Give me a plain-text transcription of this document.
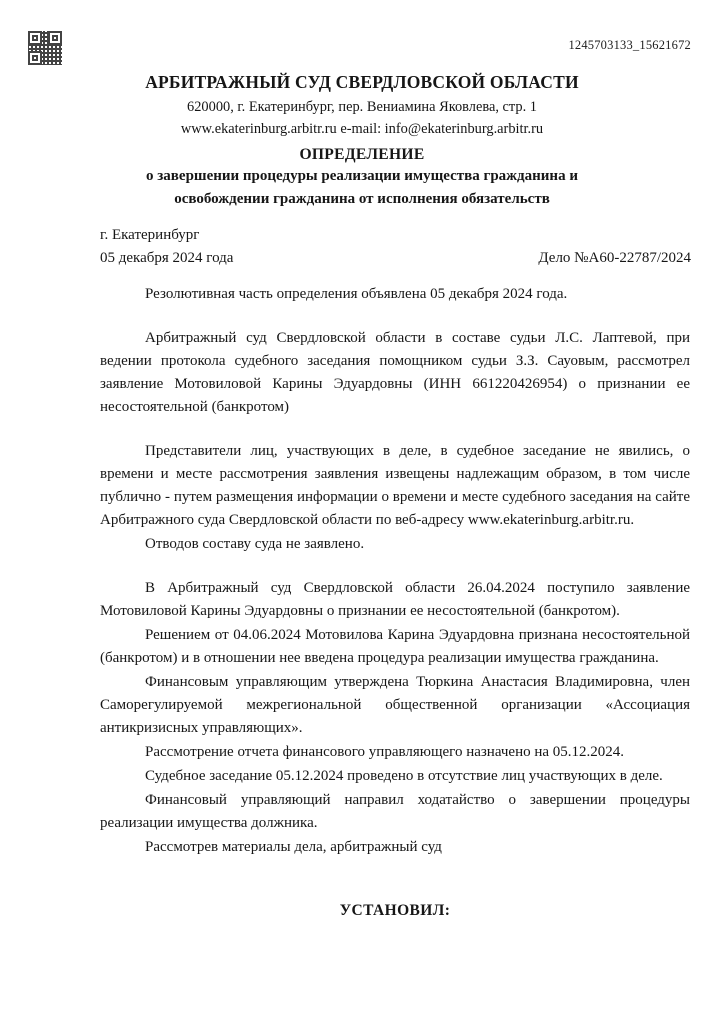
1245703133_15621672
АРБИТРАЖНЫЙ СУД СВЕРДЛОВСКОЙ ОБЛАСТИ
620000, г. Екатеринбург, пер. Вениамина Яковлева, стр. 1
www.ekaterinburg.arbitr.ru e-mail: info@ekaterinburg.arbitr.ru
ОПРЕДЕЛЕНИЕ
о завершении процедуры реализации имущества гражданина и
освобождении гражданина от исполнения обязательств
г. Екатеринбург
05 декабря 2024 года	Дело №А60-22787/2024

Резолютивная часть определения объявлена 05 декабря 2024 года.

Арбитражный суд Свердловской области в составе судьи Л.С. Лаптевой, при ведении протокола судебного заседания помощником судьи З.З. Сауовым, рассмотрел заявление Мотовиловой Карины Эдуардовны (ИНН 661220426954) о признании ее несостоятельной (банкротом)

Представители лиц, участвующих в деле, в судебное заседание не явились, о времени и месте рассмотрения заявления извещены надлежащим образом, в том числе публично - путем размещения информации о времени и месте судебного заседания на сайте Арбитражного суда Свердловской области по веб-адресу www.ekaterinburg.arbitr.ru.

Отводов составу суда не заявлено.

В Арбитражный суд Свердловской области 26.04.2024 поступило заявление Мотовиловой Карины Эдуардовны о признании ее несостоятельной (банкротом).

Решением от 04.06.2024 Мотовилова Карина Эдуардовна признана несостоятельной (банкротом) и в отношении нее введена процедура реализации имущества гражданина.

Финансовым управляющим утверждена Тюркина Анастасия Владимировна, член Саморегулируемой межрегиональной общественной организации «Ассоциация антикризисных управляющих».

Рассмотрение отчета финансового управляющего назначено на 05.12.2024.

Судебное заседание 05.12.2024 проведено в отсутствие лиц участвующих в деле.

Финансовый управляющий направил ходатайство о завершении процедуры реализации имущества должника.

Рассмотрев материалы дела, арбитражный суд

УСТАНОВИЛ:
